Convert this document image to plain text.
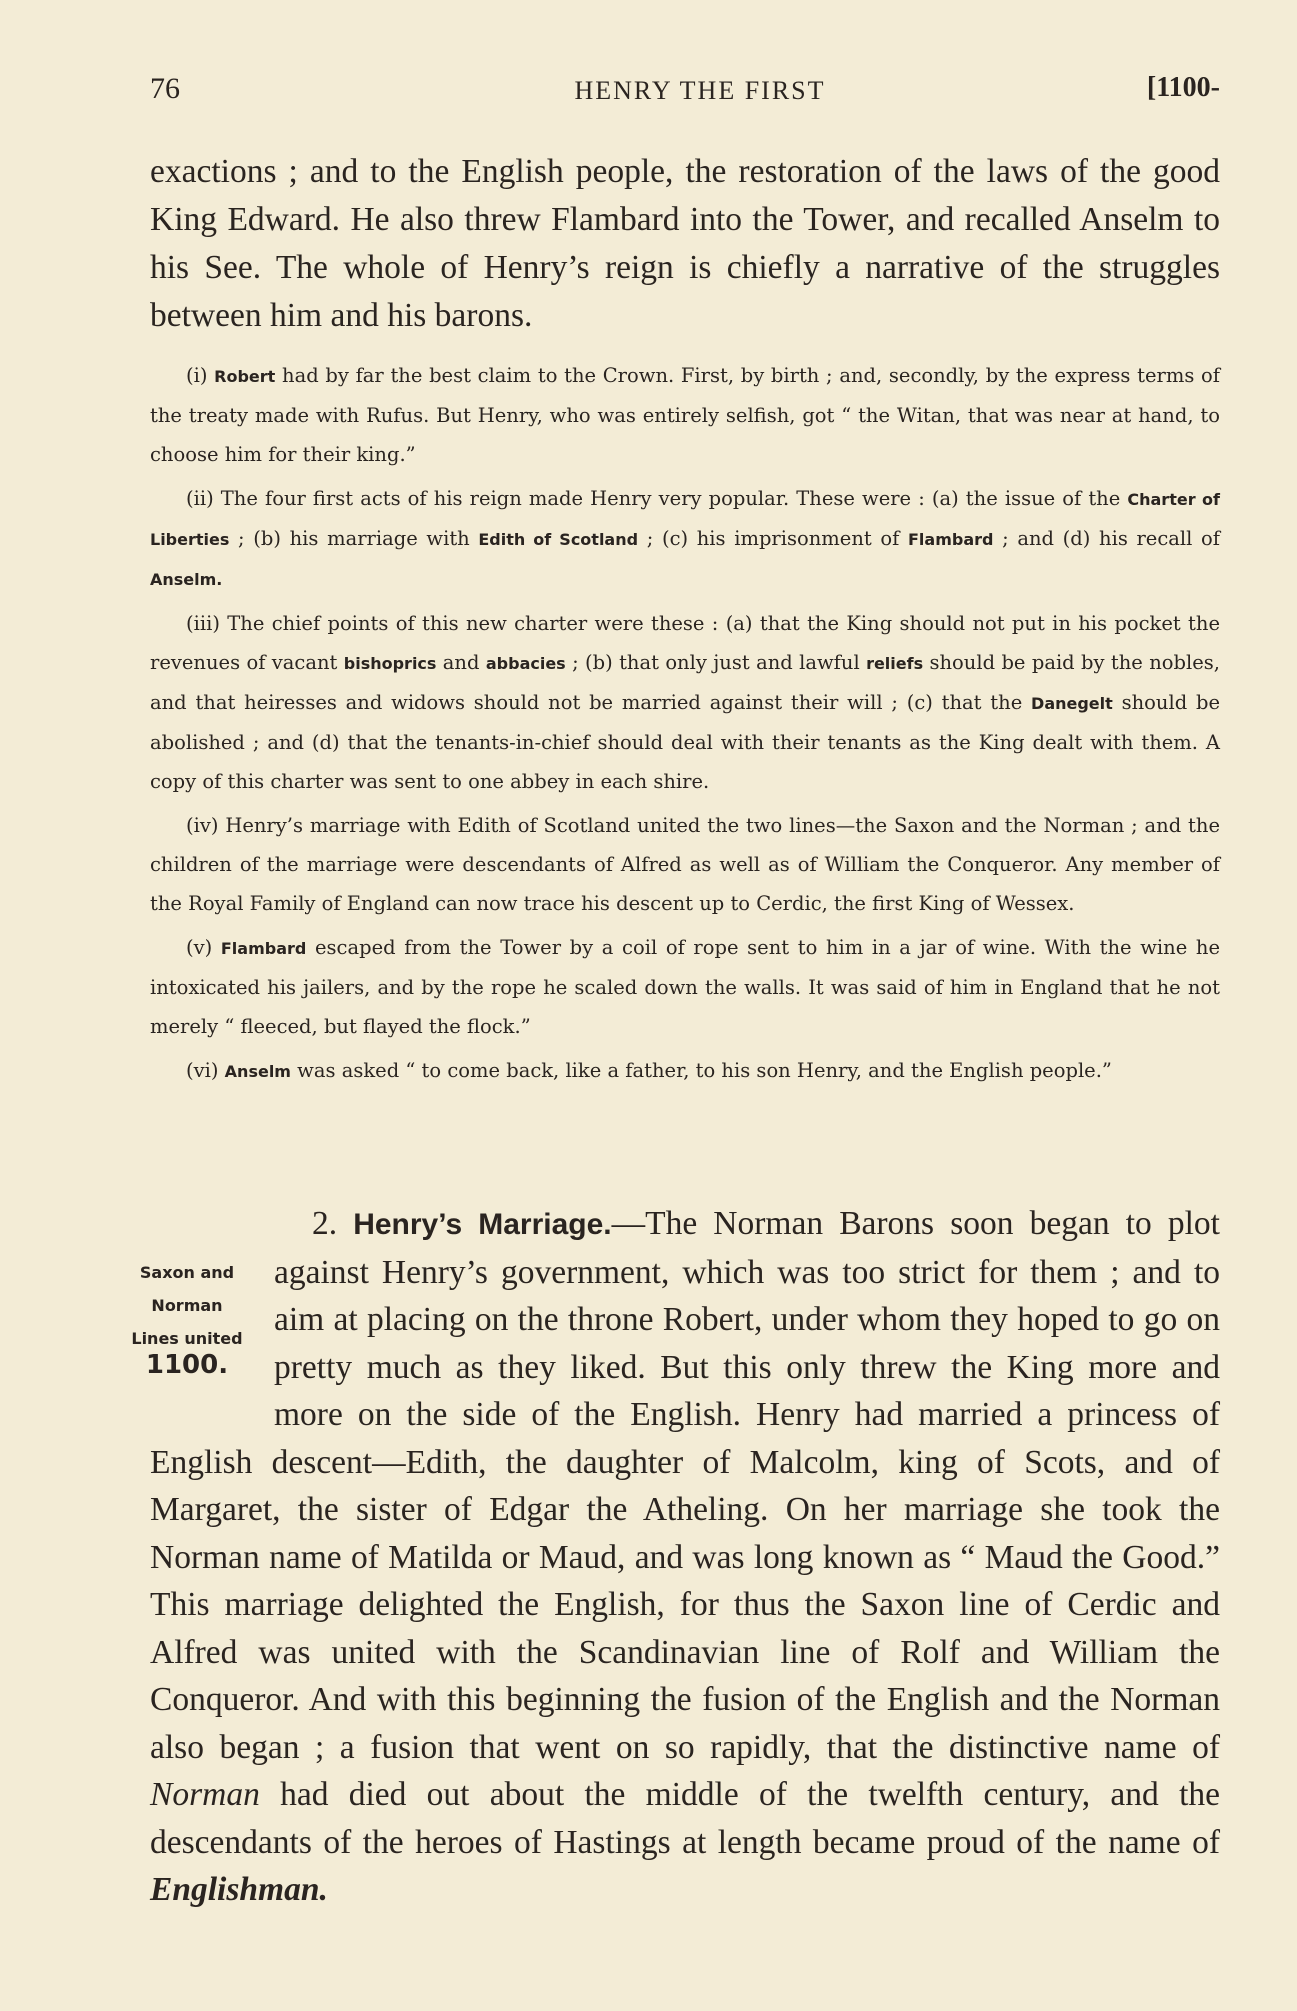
76	HENRY THE FIRST	[1100-

exactions ; and to the English people, the restoration of the laws of the good King Edward. He also threw Flambard into the Tower, and recalled Anselm to his See. The whole of Henry’s reign is chiefly a narrative of the struggles between him and his barons.

(i) Robert had by far the best claim to the Crown. First, by birth ; and, secondly, by the express terms of the treaty made with Rufus. But Henry, who was entirely selfish, got “ the Witan, that was near at hand, to choose him for their king.”

(ii) The four first acts of his reign made Henry very popular. These were : (a) the issue of the Charter of Liberties ; (b) his marriage with Edith of Scotland ; (c) his imprisonment of Flambard ; and (d) his recall of Anselm.

(iii) The chief points of this new charter were these : (a) that the King should not put in his pocket the revenues of vacant bishoprics and abbacies ; (b) that only just and lawful reliefs should be paid by the nobles, and that heiresses and widows should not be married against their will ; (c) that the Danegelt should be abolished ; and (d) that the tenants-in-chief should deal with their tenants as the King dealt with them. A copy of this charter was sent to one abbey in each shire.

(iv) Henry’s marriage with Edith of Scotland united the two lines—the Saxon and the Norman ; and the children of the marriage were descendants of Alfred as well as of William the Conqueror. Any member of the Royal Family of England can now trace his descent up to Cerdic, the first King of Wessex.

(v) Flambard escaped from the Tower by a coil of rope sent to him in a jar of wine. With the wine he intoxicated his jailers, and by the rope he scaled down the walls. It was said of him in England that he not merely “ fleeced, but flayed the flock.”

(vi) Anselm was asked “ to come back, like a father, to his son Henry, and the English people.”

Saxon and
Norman
Lines united
1100.
2. Henry’s Marriage.—The Norman Barons soon began to plot against Henry’s government, which was too strict for them ; and to aim at placing on the throne Robert, under whom they hoped to go on pretty much as they liked. But this only threw the King more and more on the side of the English. Henry had married a princess of English descent—Edith, the daughter of Malcolm, king of Scots, and of Margaret, the sister of Edgar the Atheling. On her marriage she took the Norman name of Matilda or Maud, and was long known as “ Maud the Good.” This marriage delighted the English, for thus the Saxon line of Cerdic and Alfred was united with the Scandinavian line of Rolf and William the Conqueror. And with this beginning the fusion of the English and the Norman also began ; a fusion that went on so rapidly, that the distinctive name of Norman had died out about the middle of the twelfth century, and the descendants of the heroes of Hastings at length became proud of the name of Englishman.
